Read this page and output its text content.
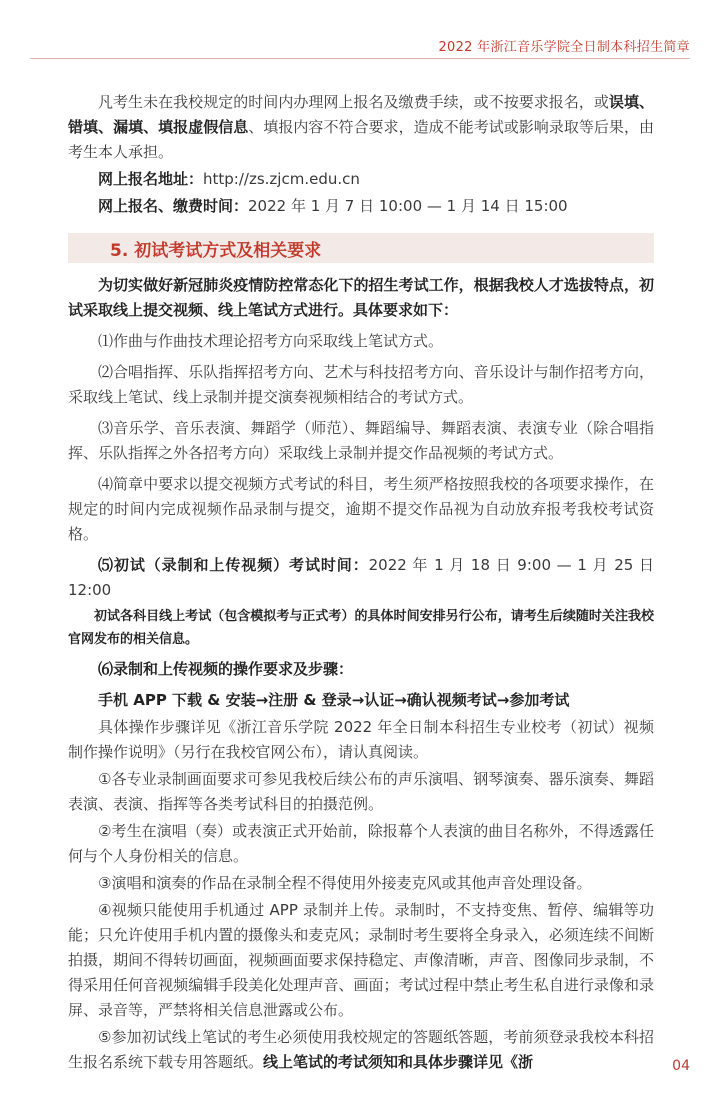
2022 年浙江音乐学院全日制本科招生简章

凡考生未在我校规定的时间内办理网上报名及缴费手续，或不按要求报名，或误填、错填、漏填、填报虚假信息、填报内容不符合要求，造成不能考试或影响录取等后果，由考生本人承担。

网上报名地址：http://zs.zjcm.edu.cn

网上报名、缴费时间：2022 年 1 月 7 日 10:00 — 1 月 14 日 15:00

5. 初试考试方式及相关要求

为切实做好新冠肺炎疫情防控常态化下的招生考试工作，根据我校人才选拔特点，初试采取线上提交视频、线上笔试方式进行。具体要求如下：

⑴作曲与作曲技术理论招考方向采取线上笔试方式。

⑵合唱指挥、乐队指挥招考方向、艺术与科技招考方向、音乐设计与制作招考方向，采取线上笔试、线上录制并提交演奏视频相结合的考试方式。

⑶音乐学、音乐表演、舞蹈学（师范）、舞蹈编导、舞蹈表演、表演专业（除合唱指挥、乐队指挥之外各招考方向）采取线上录制并提交作品视频的考试方式。

⑷简章中要求以提交视频方式考试的科目，考生须严格按照我校的各项要求操作，在规定的时间内完成视频作品录制与提交，逾期不提交作品视为自动放弃报考我校考试资格。

⑸初试（录制和上传视频）考试时间：2022 年 1 月 18 日 9:00 — 1 月 25 日 12:00

初试各科目线上考试（包含模拟考与正式考）的具体时间安排另行公布，请考生后续随时关注我校官网发布的相关信息。

⑹录制和上传视频的操作要求及步骤：

手机 APP 下载 & 安装→注册 & 登录→认证→确认视频考试→参加考试

具体操作步骤详见《浙江音乐学院 2022 年全日制本科招生专业校考（初试）视频制作操作说明》（另行在我校官网公布），请认真阅读。

①各专业录制画面要求可参见我校后续公布的声乐演唱、钢琴演奏、器乐演奏、舞蹈表演、表演、指挥等各类考试科目的拍摄范例。

②考生在演唱（奏）或表演正式开始前，除报幕个人表演的曲目名称外，不得透露任何与个人身份相关的信息。

③演唱和演奏的作品在录制全程不得使用外接麦克风或其他声音处理设备。

④视频只能使用手机通过 APP 录制并上传。录制时，不支持变焦、暂停、编辑等功能；只允许使用手机内置的摄像头和麦克风；录制时考生要将全身录入，必须连续不间断拍摄，期间不得转切画面，视频画面要求保持稳定、声像清晰，声音、图像同步录制，不得采用任何音视频编辑手段美化处理声音、画面；考试过程中禁止考生私自进行录像和录屏、录音等，严禁将相关信息泄露或公布。

⑤参加初试线上笔试的考生必须使用我校规定的答题纸答题，考前须登录我校本科招生报名系统下载专用答题纸。线上笔试的考试须知和具体步骤详见《浙	04
